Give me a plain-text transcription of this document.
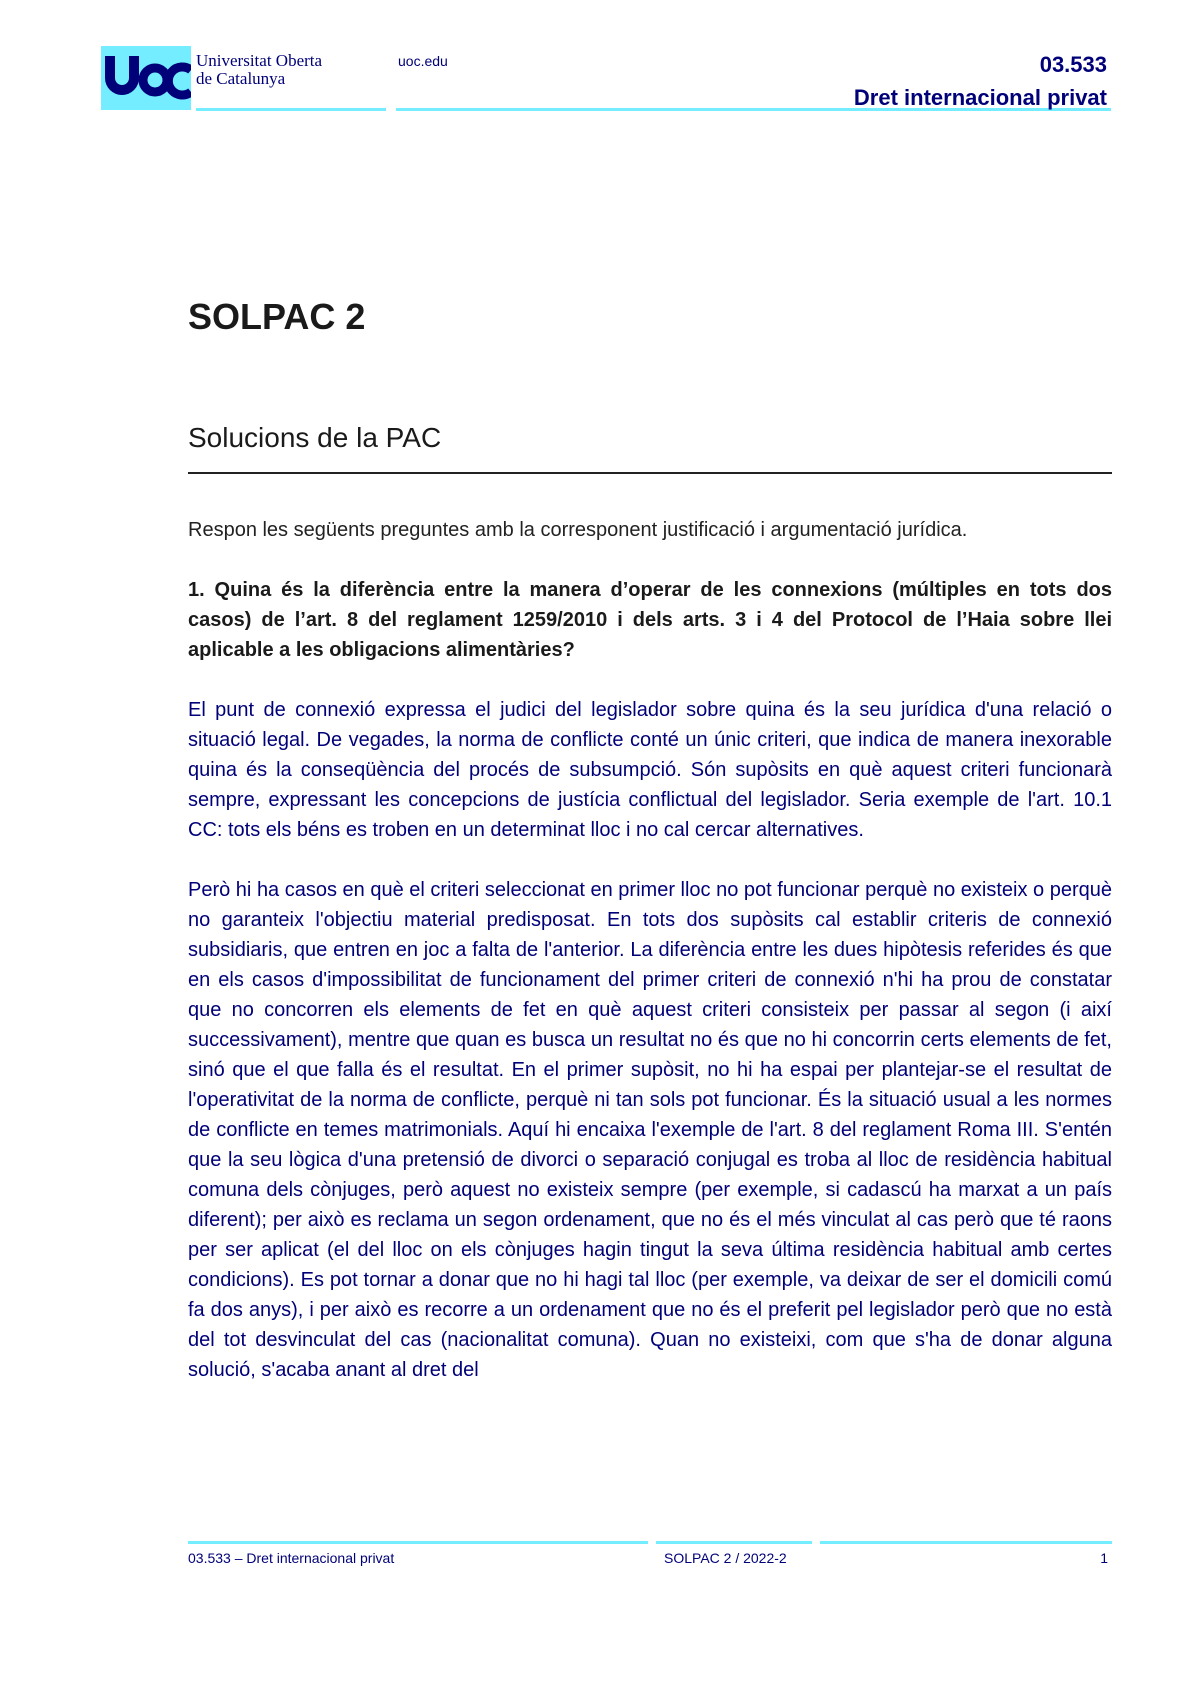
Universitat Oberta
de Catalunya
uoc.edu	03.533
Dret internacional privat
SOLPAC 2
Solucions de la PAC

Respon les següents preguntes amb la corresponent justificació i argumentació jurídica.

1. Quina és la diferència entre la manera d’operar de les connexions (múltiples en tots dos casos) de l’art. 8 del reglament 1259/2010 i dels arts. 3 i 4 del Protocol de l’Haia sobre llei aplicable a les obligacions alimentàries?

El punt de connexió expressa el judici del legislador sobre quina és la seu jurídica d'una relació o situació legal. De vegades, la norma de conflicte conté un únic criteri, que indica de manera inexorable quina és la conseqüència del procés de subsumpció. Són supòsits en què aquest criteri funcionarà sempre, expressant les concepcions de justícia conflictual del legislador. Seria exemple de l'art. 10.1 CC: tots els béns es troben en un determinat lloc i no cal cercar alternatives.

Però hi ha casos en què el criteri seleccionat en primer lloc no pot funcionar perquè no existeix o perquè no garanteix l'objectiu material predisposat. En tots dos supòsits cal establir criteris de connexió subsidiaris, que entren en joc a falta de l'anterior. La diferència entre les dues hipòtesis referides és que en els casos d'impossibilitat de funcionament del primer criteri de connexió n'hi ha prou de constatar que no concorren els elements de fet en què aquest criteri consisteix per passar al segon (i així successivament), mentre que quan es busca un resultat no és que no hi concorrin certs elements de fet, sinó que el que falla és el resultat. En el primer supòsit, no hi ha espai per plantejar-se el resultat de l'operativitat de la norma de conflicte, perquè ni tan sols pot funcionar. És la situació usual a les normes de conflicte en temes matrimonials. Aquí hi encaixa l'exemple de l'art. 8 del reglament Roma III. S'entén que la seu lògica d'una pretensió de divorci o separació conjugal es troba al lloc de residència habitual comuna dels cònjuges, però aquest no existeix sempre (per exemple, si cadascú ha marxat a un país diferent); per això es reclama un segon ordenament, que no és el més vinculat al cas però que té raons per ser aplicat (el del lloc on els cònjuges hagin tingut la seva última residència habitual amb certes condicions). Es pot tornar a donar que no hi hagi tal lloc (per exemple, va deixar de ser el domicili comú fa dos anys), i per això es recorre a un ordenament que no és el preferit pel legislador però que no està del tot desvinculat del cas (nacionalitat comuna). Quan no existeixi, com que s'ha de donar alguna solució, s'acaba anant al dret del

03.533 – Dret internacional privat	SOLPAC 2 / 2022-2	1
